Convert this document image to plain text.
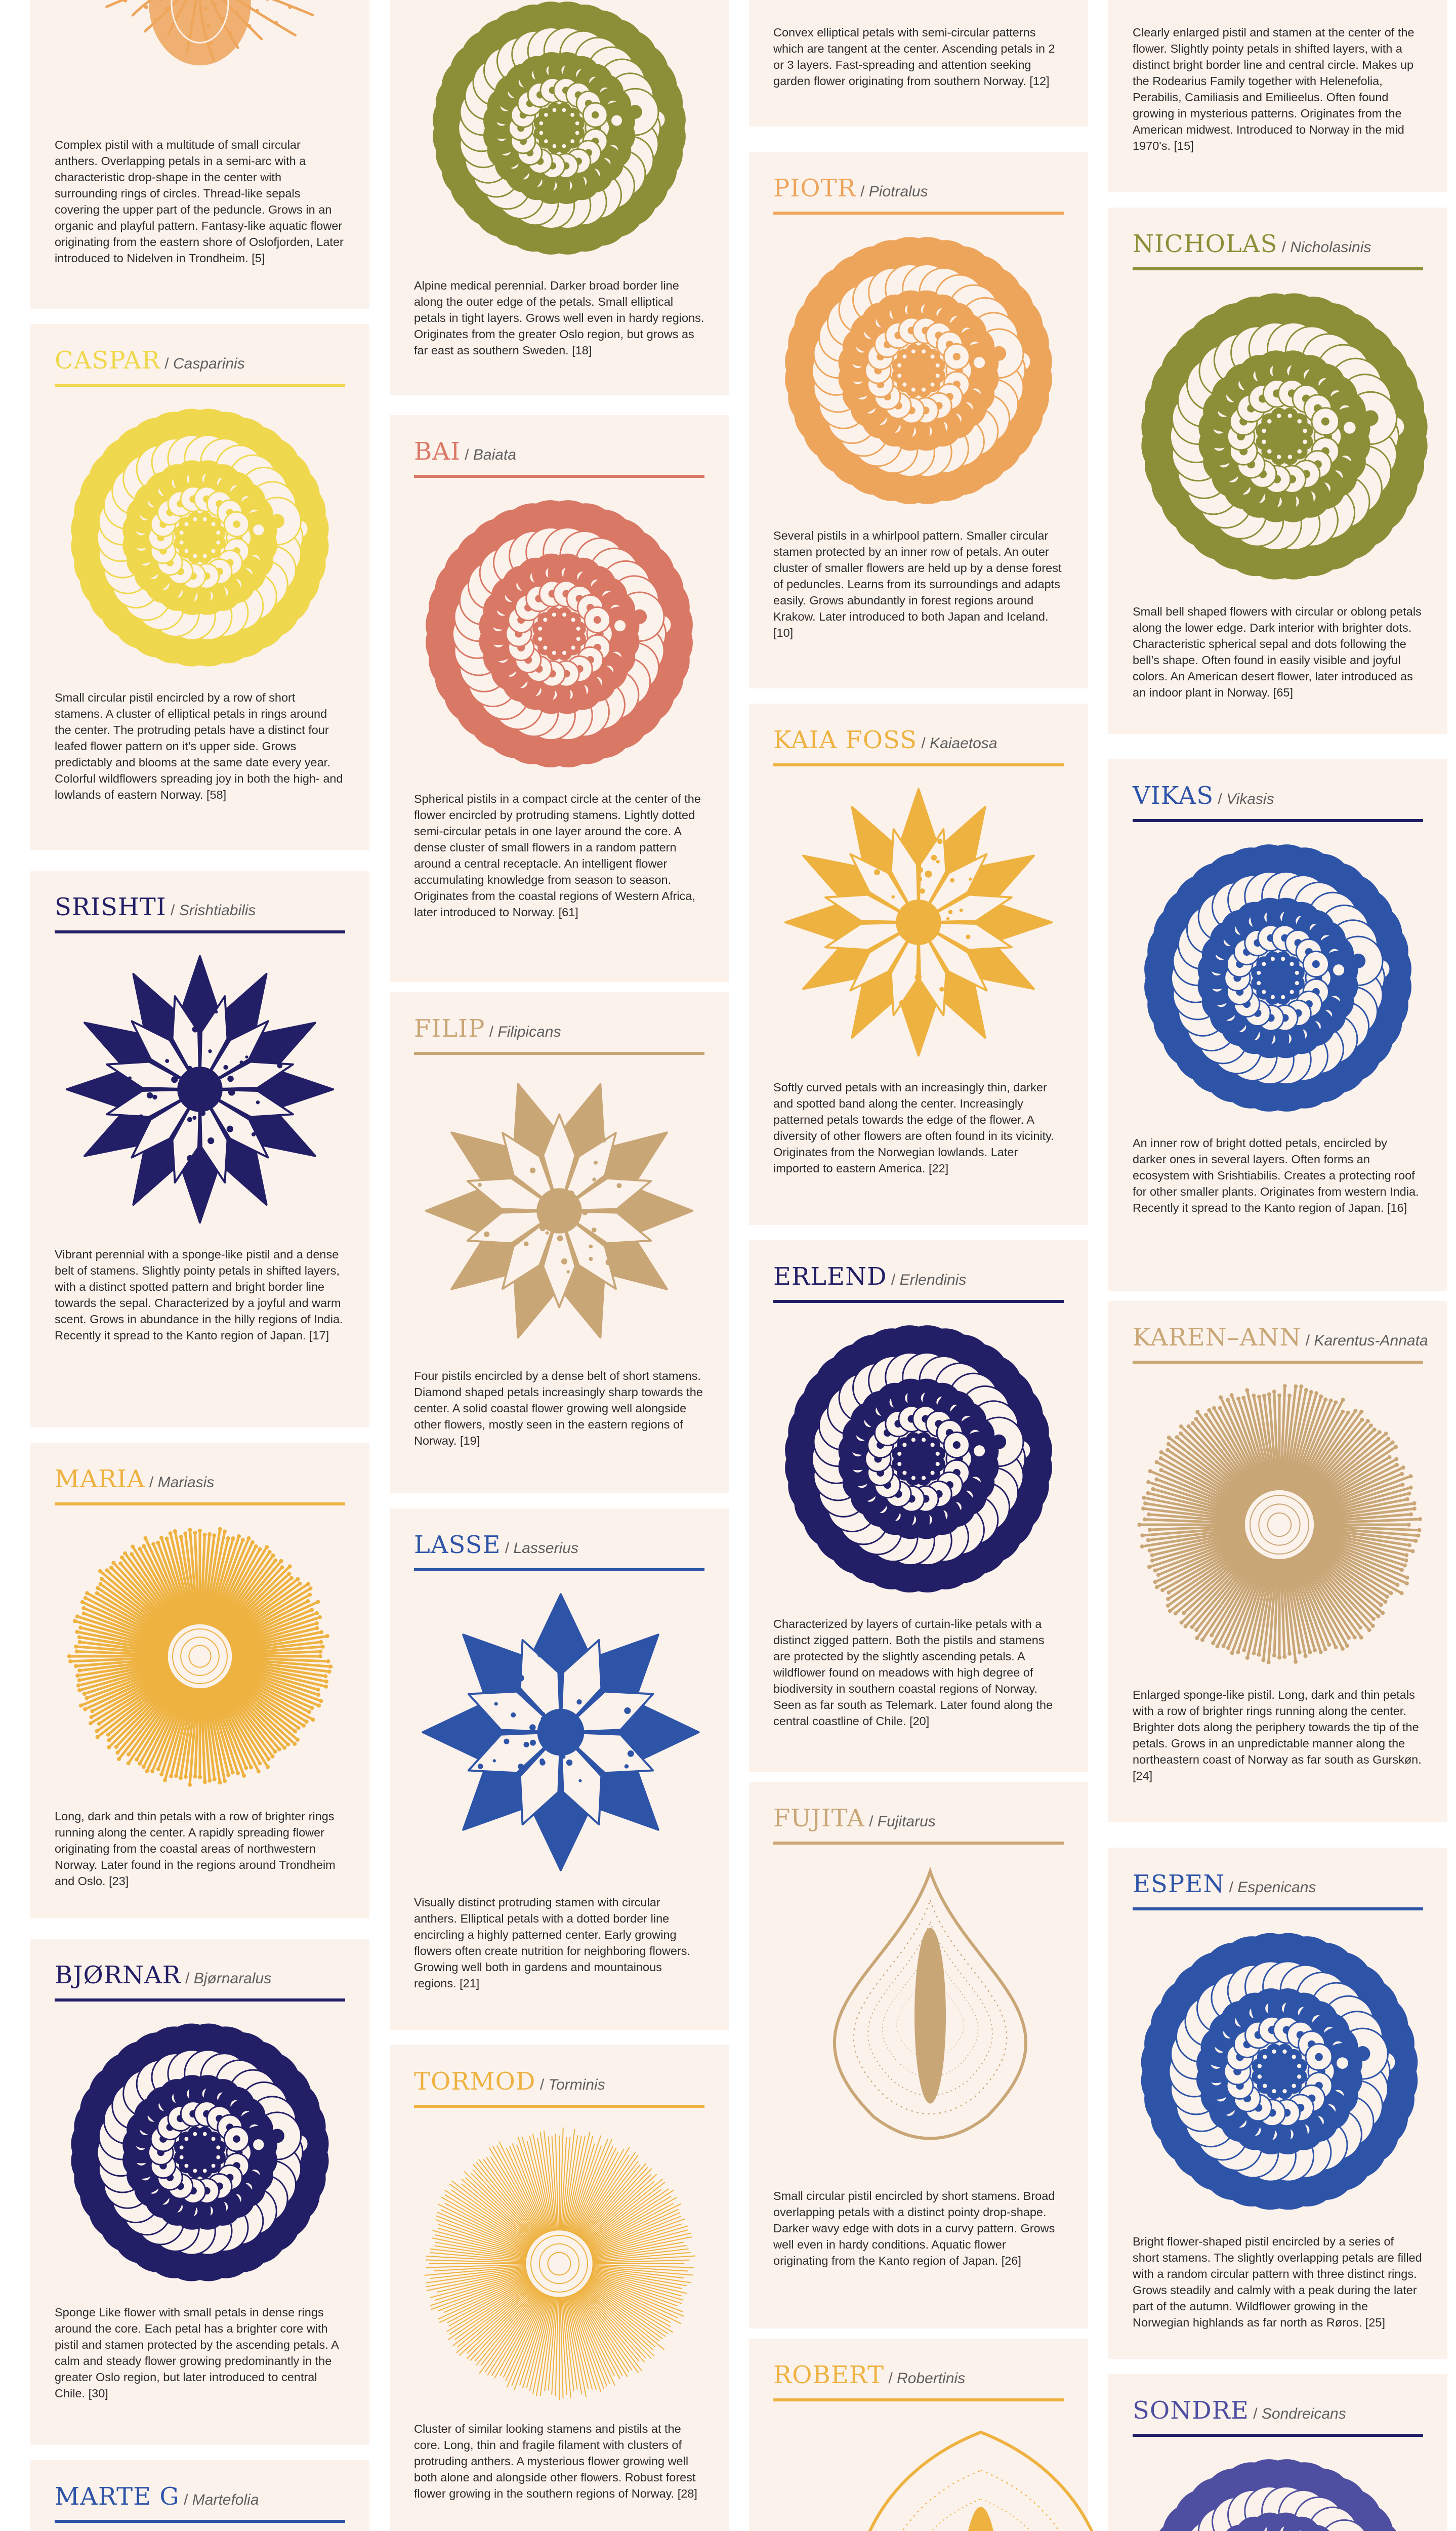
Complex pistil with a multitude of small circular anthers. Overlapping petals in a semi-arc with a characteristic drop-shape in the center with surrounding rings of circles. Thread-like sepals covering the upper part of the peduncle. Grows in an organic and playful pattern. Fantasy-like aquatic flower originating from the eastern shore of Oslofjorden, Later introduced to Nidelven in Trondheim. [5]

CASPAR / Casparinis

Small circular pistil encircled by a row of short stamens. A cluster of elliptical petals in rings around the center. The protruding petals have a distinct four leafed flower pattern on it's upper side. Grows predictably and blooms at the same date every year. Colorful wildflowers spreading joy in both the high- and lowlands of eastern Norway. [58]

SRISHTI / Srishtiabilis

Vibrant perennial with a sponge-like pistil and a dense belt of stamens. Slightly pointy petals in shifted layers, with a distinct spotted pattern and bright border line towards the sepal. Characterized by a joyful and warm scent. Grows in abundance in the hilly regions of India. Recently it spread to the Kanto region of Japan. [17]

MARIA / Mariasis

Long, dark and thin petals with a row of brighter rings running along the center. A rapidly spreading flower originating from the coastal areas of northwestern Norway. Later found in the regions around Trondheim and Oslo. [23]

BJØRNAR / Bjørnaralus

Sponge Like flower with small petals in dense rings around the core. Each petal has a brighter core with pistil and stamen protected by the ascending petals. A calm and steady flower growing predominantly in the greater Oslo region, but later introduced to central Chile. [30]

MARTE G / Martefolia

Alpine medical perennial. Darker broad border line along the outer edge of the petals. Small elliptical petals in tight layers. Grows well even in hardy regions. Originates from the greater Oslo region, but grows as far east as southern Sweden. [18]

BAI / Baiata

Spherical pistils in a compact circle at the center of the flower encircled by protruding stamens. Lightly dotted semi-circular petals in one layer around the core. A dense cluster of small flowers in a random pattern around a central receptacle. An intelligent flower accumulating knowledge from season to season. Originates from the coastal regions of Western Africa, later introduced to Norway. [61]

FILIP / Filipicans

Four pistils encircled by a dense belt of short stamens. Diamond shaped petals increasingly sharp towards the center. A solid coastal flower growing well alongside other flowers, mostly seen in the eastern regions of Norway. [19]

LASSE / Lasserius

Visually distinct protruding stamen with circular anthers. Elliptical petals with a dotted border line encircling a highly patterned center. Early growing flowers often create nutrition for neighboring flowers. Growing well both in gardens and mountainous regions. [21]

TORMOD / Torminis

Cluster of similar looking stamens and pistils at the core. Long, thin and fragile filament with clusters of protruding anthers. A mysterious flower growing well both alone and alongside other flowers. Robust forest flower growing in the southern regions of Norway. [28]

Convex elliptical petals with semi-circular patterns which are tangent at the center. Ascending petals in 2 or 3 layers. Fast-spreading and attention seeking garden flower originating from southern Norway. [12]

PIOTR / Piotralus

Several pistils in a whirlpool pattern. Smaller circular stamen protected by an inner row of petals. An outer cluster of smaller flowers are held up by a dense forest of peduncles. Learns from its surroundings and adapts easily. Grows abundantly in forest regions around Krakow. Later introduced to both Japan and Iceland. [10]

KAIA FOSS / Kaiaetosa

Softly curved petals with an increasingly thin, darker and spotted band along the center. Increasingly patterned petals towards the edge of the flower. A diversity of other flowers are often found in its vicinity. Originates from the Norwegian lowlands. Later imported to eastern America. [22]

ERLEND / Erlendinis

Characterized by layers of curtain-like petals with a distinct zigged pattern. Both the pistils and stamens are protected by the slightly ascending petals. A wildflower found on meadows with high degree of biodiversity in southern coastal regions of Norway. Seen as far south as Telemark. Later found along the central coastline of Chile. [20]

FUJITA / Fujitarus

Small circular pistil encircled by short stamens. Broad overlapping petals with a distinct pointy drop-shape. Darker wavy edge with dots in a curvy pattern. Grows well even in hardy conditions. Aquatic flower originating from the Kanto region of Japan. [26]

ROBERT / Robertinis

Clearly enlarged pistil and stamen at the center of the flower. Slightly pointy petals in shifted layers, with a distinct bright border line and central circle. Makes up the Rodearius Family together with Helenefolia, Perabilis, Camiliasis and Emilieelus. Often found growing in mysterious patterns. Originates from the American midwest. Introduced to Norway in the mid 1970's. [15]

NICHOLAS / Nicholasinis

Small bell shaped flowers with circular or oblong petals along the lower edge. Dark interior with brighter dots. Characteristic spherical sepal and dots following the bell's shape. Often found in easily visible and joyful colors. An American desert flower, later introduced as an indoor plant in Norway. [65]

VIKAS / Vikasis

An inner row of bright dotted petals, encircled by darker ones in several layers. Often forms an ecosystem with Srishtiabilis. Creates a protecting roof for other smaller plants. Originates from western India. Recently it spread to the Kanto region of Japan. [16]

KAREN–ANN / Karentus-Annata

Enlarged sponge-like pistil. Long, dark and thin petals with a row of brighter rings running along the center. Brighter dots along the periphery towards the tip of the petals. Grows in an unpredictable manner along the northeastern coast of Norway as far south as Gurskøn. [24]

ESPEN / Espenicans

Bright flower-shaped pistil encircled by a series of short stamens. The slightly overlapping petals are filled with a random circular pattern with three distinct rings. Grows steadily and calmly with a peak during the later part of the autumn. Wildflower growing in the Norwegian highlands as far north as Røros. [25]

SONDRE / Sondreicans
